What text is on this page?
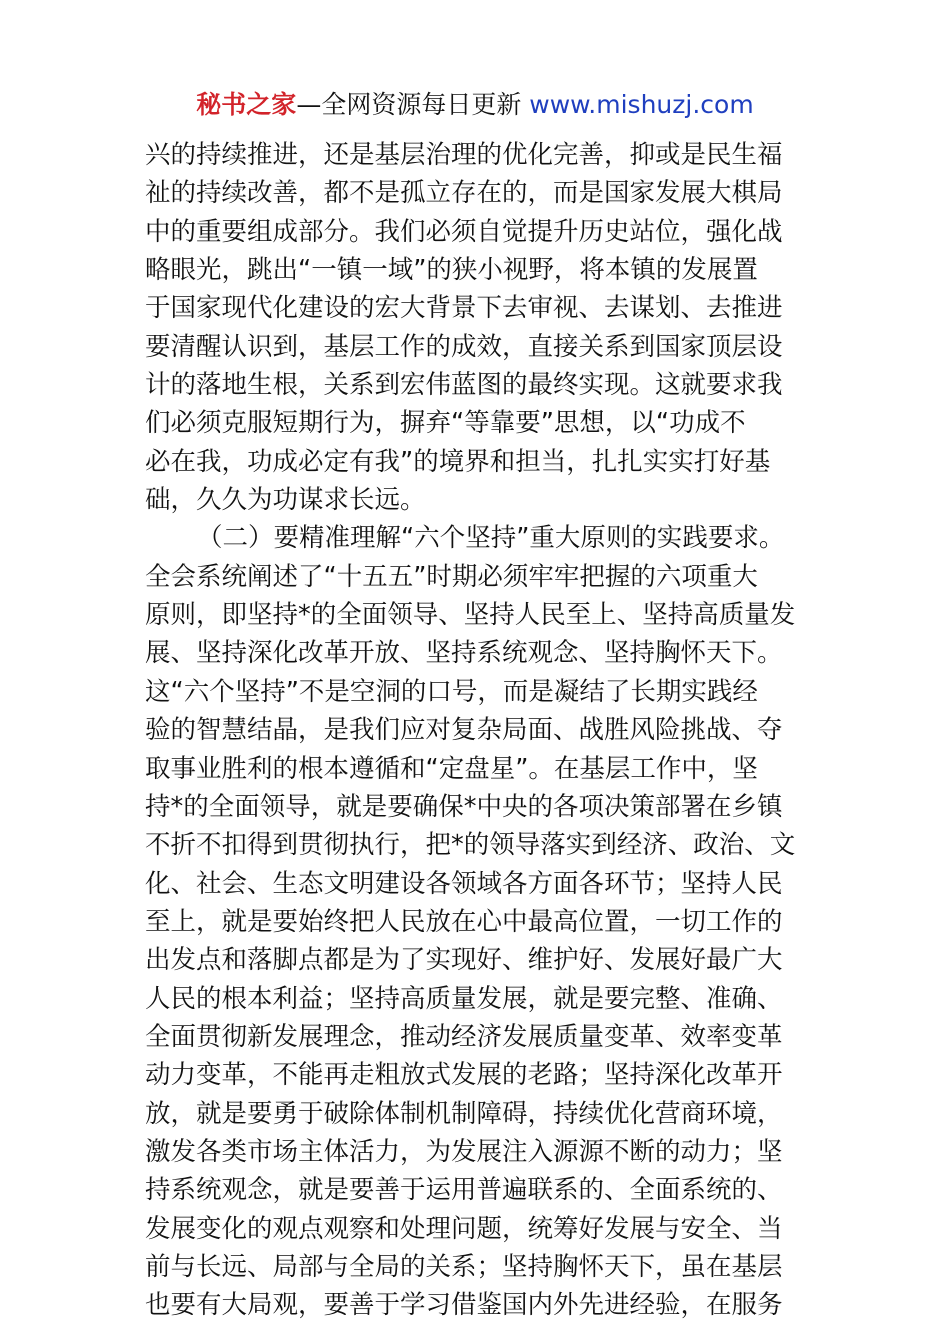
秘书之家—全网资源每日更新 www.mishuzj.com
兴的持续推进，还是基层治理的优化完善，抑或是民生福
祉的持续改善，都不是孤立存在的，而是国家发展大棋局
中的重要组成部分。我们必须自觉提升历史站位，强化战
略眼光，跳出“一镇一域”的狭小视野，将本镇的发展置
于国家现代化建设的宏大背景下去审视、去谋划、去推进
要清醒认识到，基层工作的成效，直接关系到国家顶层设
计的落地生根，关系到宏伟蓝图的最终实现。这就要求我
们必须克服短期行为，摒弃“等靠要”思想，以“功成不
必在我，功成必定有我”的境界和担当，扎扎实实打好基
础，久久为功谋求长远。
（二）要精准理解“六个坚持”重大原则的实践要求。
全会系统阐述了“十五五”时期必须牢牢把握的六项重大
原则，即坚持*的全面领导、坚持人民至上、坚持高质量发
展、坚持深化改革开放、坚持系统观念、坚持胸怀天下。
这“六个坚持”不是空洞的口号，而是凝结了长期实践经
验的智慧结晶，是我们应对复杂局面、战胜风险挑战、夺
取事业胜利的根本遵循和“定盘星”。在基层工作中，坚
持*的全面领导，就是要确保*中央的各项决策部署在乡镇
不折不扣得到贯彻执行，把*的领导落实到经济、政治、文
化、社会、生态文明建设各领域各方面各环节；坚持人民
至上，就是要始终把人民放在心中最高位置，一切工作的
出发点和落脚点都是为了实现好、维护好、发展好最广大
人民的根本利益；坚持高质量发展，就是要完整、准确、
全面贯彻新发展理念，推动经济发展质量变革、效率变革
动力变革，不能再走粗放式发展的老路；坚持深化改革开
放，就是要勇于破除体制机制障碍，持续优化营商环境，
激发各类市场主体活力，为发展注入源源不断的动力；坚
持系统观念，就是要善于运用普遍联系的、全面系统的、
发展变化的观点观察和处理问题，统筹好发展与安全、当
前与长远、局部与全局的关系；坚持胸怀天下，虽在基层
也要有大局观，要善于学习借鉴国内外先进经验，在服务
